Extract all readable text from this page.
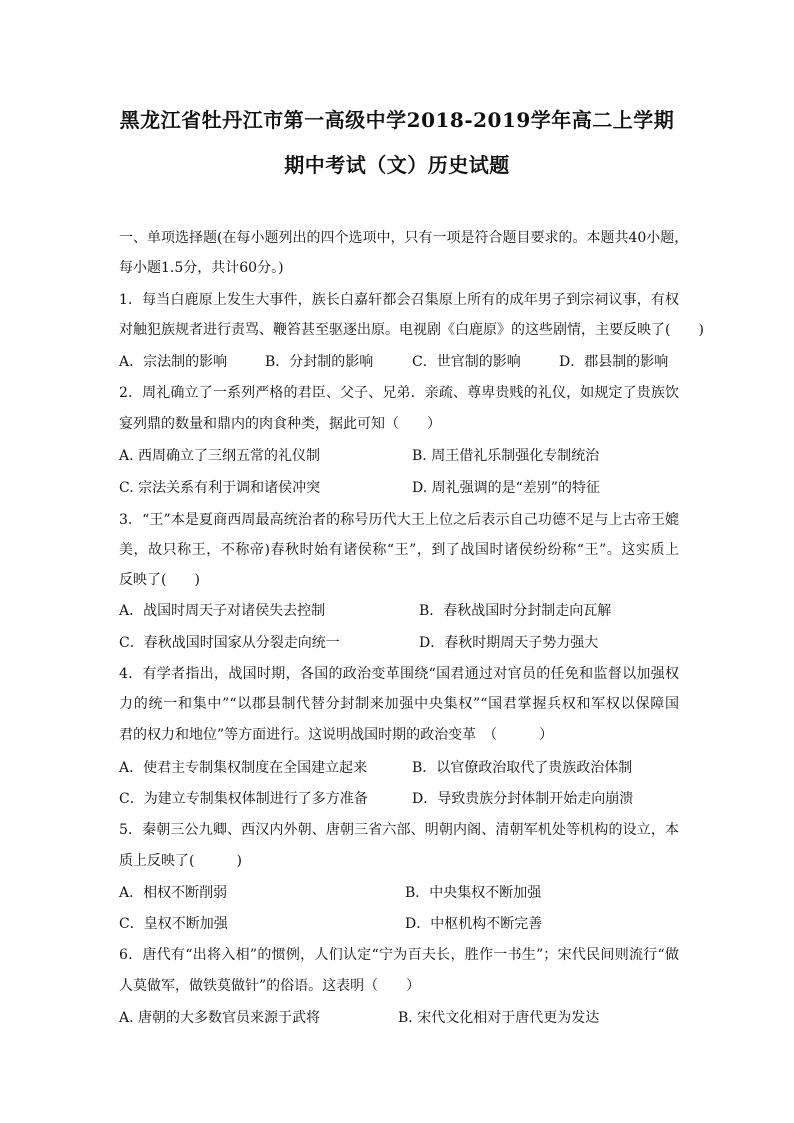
黑龙江省牡丹江市第一高级中学2018-2019学年高二上学期
期中考试（文）历史试题
一、单项选择题(在每小题列出的四个选项中，只有一项是符合题目要求的。本题共40小题，
每小题1.5分，共计60分。)
1．每当白鹿原上发生大事件，族长白嘉轩都会召集原上所有的成年男子到宗祠议事，有权
对触犯族规者进行责骂、鞭笞甚至驱逐出原。电视剧《白鹿原》的这些剧情，主要反映了(　　)
A．宗法制的影响	B．分封制的影响	C．世官制的影响	D．郡县制的影响
2．周礼确立了一系列严格的君臣、父子、兄弟．亲疏、尊卑贵贱的礼仪，如规定了贵族饮
宴列鼎的数量和鼎内的肉食种类，据此可知（　　）
A. 西周确立了三纲五常的礼仪制	B. 周王借礼乐制强化专制统治
C. 宗法关系有利于调和诸侯冲突	D. 周礼强调的是“差别”的特征
3．“王”本是夏商西周最高统治者的称号历代大王上位之后表示自己功德不足与上古帝王媲
美，故只称王，不称帝)春秋时始有诸侯称“王”，到了战国时诸侯纷纷称“王”。这实质上
反映了(　　)
A．战国时周天子对诸侯失去控制	B．春秋战国时分封制走向瓦解
C．春秋战国时国家从分裂走向统一	D．春秋时期周天子势力强大
4．有学者指出，战国时期，各国的政治变革围绕“国君通过对官员的任免和监督以加强权
力的统一和集中”“以郡县制代替分封制来加强中央集权”“国君掌握兵权和军权以保障国
君的权力和地位”等方面进行。这说明战国时期的政治变革　（　　　）
A．使君主专制集权制度在全国建立起来	B．以官僚政治取代了贵族政治体制
C．为建立专制集权体制进行了多方准备	D．导致贵族分封体制开始走向崩溃
5．秦朝三公九卿、西汉内外朝、唐朝三省六部、明朝内阁、清朝军机处等机构的设立，本
质上反映了(　　　)
A．相权不断削弱	B．中央集权不断加强
C．皇权不断加强	D．中枢机构不断完善
6．唐代有“出将入相”的惯例，人们认定“宁为百夫长，胜作一书生”；宋代民间则流行“做
人莫做军，做铁莫做针”的俗语。这表明（　　）
A. 唐朝的大多数官员来源于武将	B. 宋代文化相对于唐代更为发达
